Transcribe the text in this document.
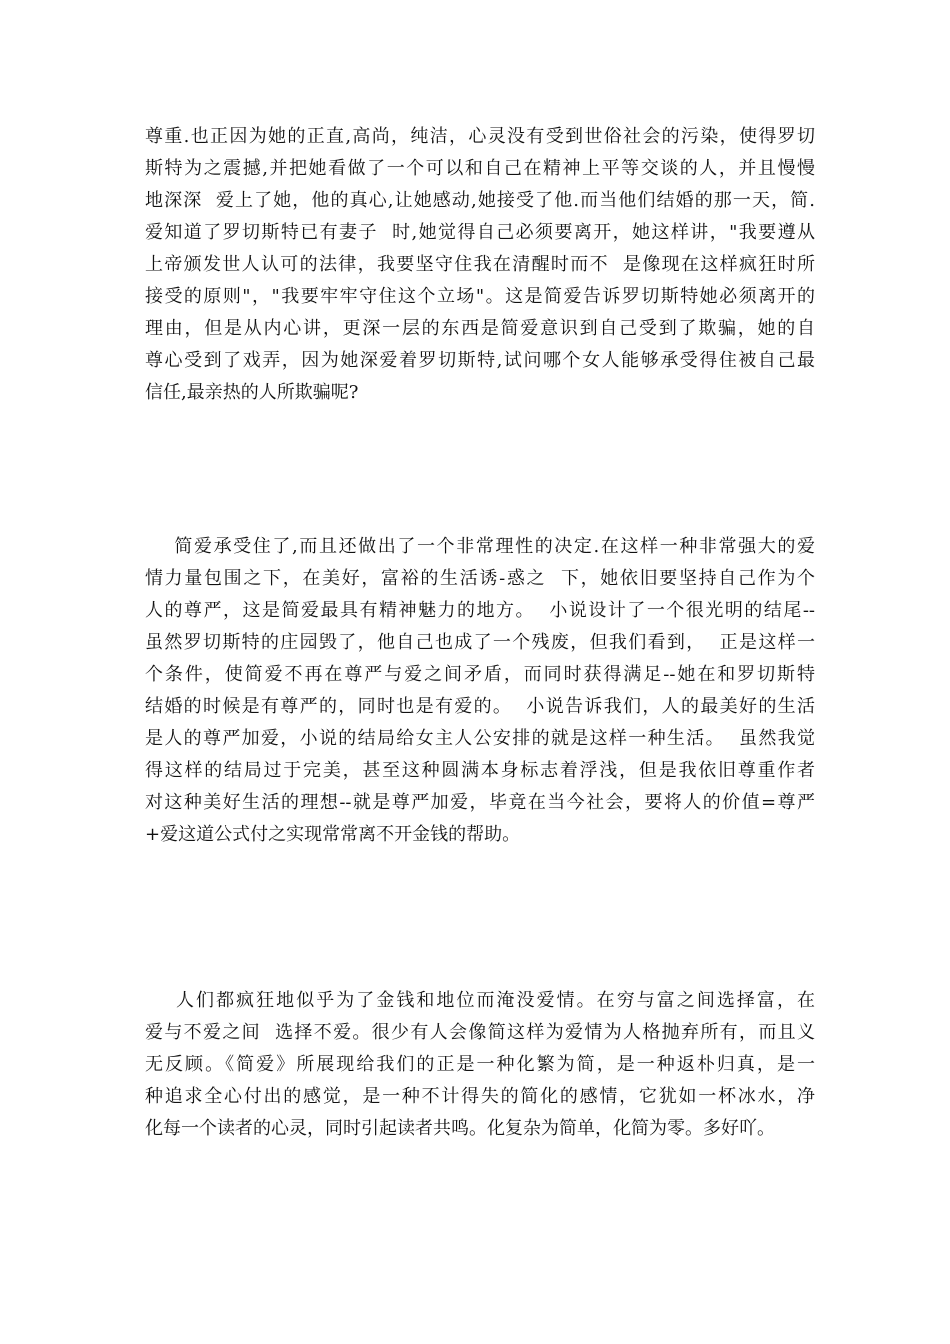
尊重.也正因为她的正直,高尚，纯洁，心灵没有受到世俗社会的污染，使得罗切
斯特为之震撼,并把她看做了一个可以和自己在精神上平等交谈的人，并且慢慢
地深深  爱上了她，他的真心,让她感动,她接受了他.而当他们结婚的那一天，简.
爱知道了罗切斯特已有妻子  时,她觉得自己必须要离开，她这样讲，"我要遵从
上帝颁发世人认可的法律，我要坚守住我在清醒时而不  是像现在这样疯狂时所
接受的原则"，"我要牢牢守住这个立场"。这是简爱告诉罗切斯特她必须离开的
理由，但是从内心讲，更深一层的东西是简爱意识到自己受到了欺骗，她的自
尊心受到了戏弄，因为她深爱着罗切斯特,试问哪个女人能够承受得住被自己最
信任,最亲热的人所欺骗呢?
简爱承受住了,而且还做出了一个非常理性的决定.在这样一种非常强大的爱
情力量包围之下，在美好，富裕的生活诱-惑之  下，她依旧要坚持自己作为个
人的尊严，这是简爱最具有精神魅力的地方。  小说设计了一个很光明的结尾--
虽然罗切斯特的庄园毁了，他自己也成了一个残废，但我们看到，  正是这样一
个条件，使简爱不再在尊严与爱之间矛盾，而同时获得满足--她在和罗切斯特
结婚的时候是有尊严的，同时也是有爱的。  小说告诉我们，人的最美好的生活
是人的尊严加爱，小说的结局给女主人公安排的就是这样一种生活。  虽然我觉
得这样的结局过于完美，甚至这种圆满本身标志着浮浅，但是我依旧尊重作者
对这种美好生活的理想--就是尊严加爱，毕竟在当今社会，要将人的价值=尊严
+爱这道公式付之实现常常离不开金钱的帮助。
人们都疯狂地似乎为了金钱和地位而淹没爱情。在穷与富之间选择富，在
爱与不爱之间  选择不爱。很少有人会像简这样为爱情为人格抛弃所有，而且义
无反顾。《简爱》所展现给我们的正是一种化繁为简，是一种返朴归真，是一
种追求全心付出的感觉，是一种不计得失的简化的感情，它犹如一杯冰水，净
化每一个读者的心灵，同时引起读者共鸣。化复杂为简单，化简为零。多好吖。
